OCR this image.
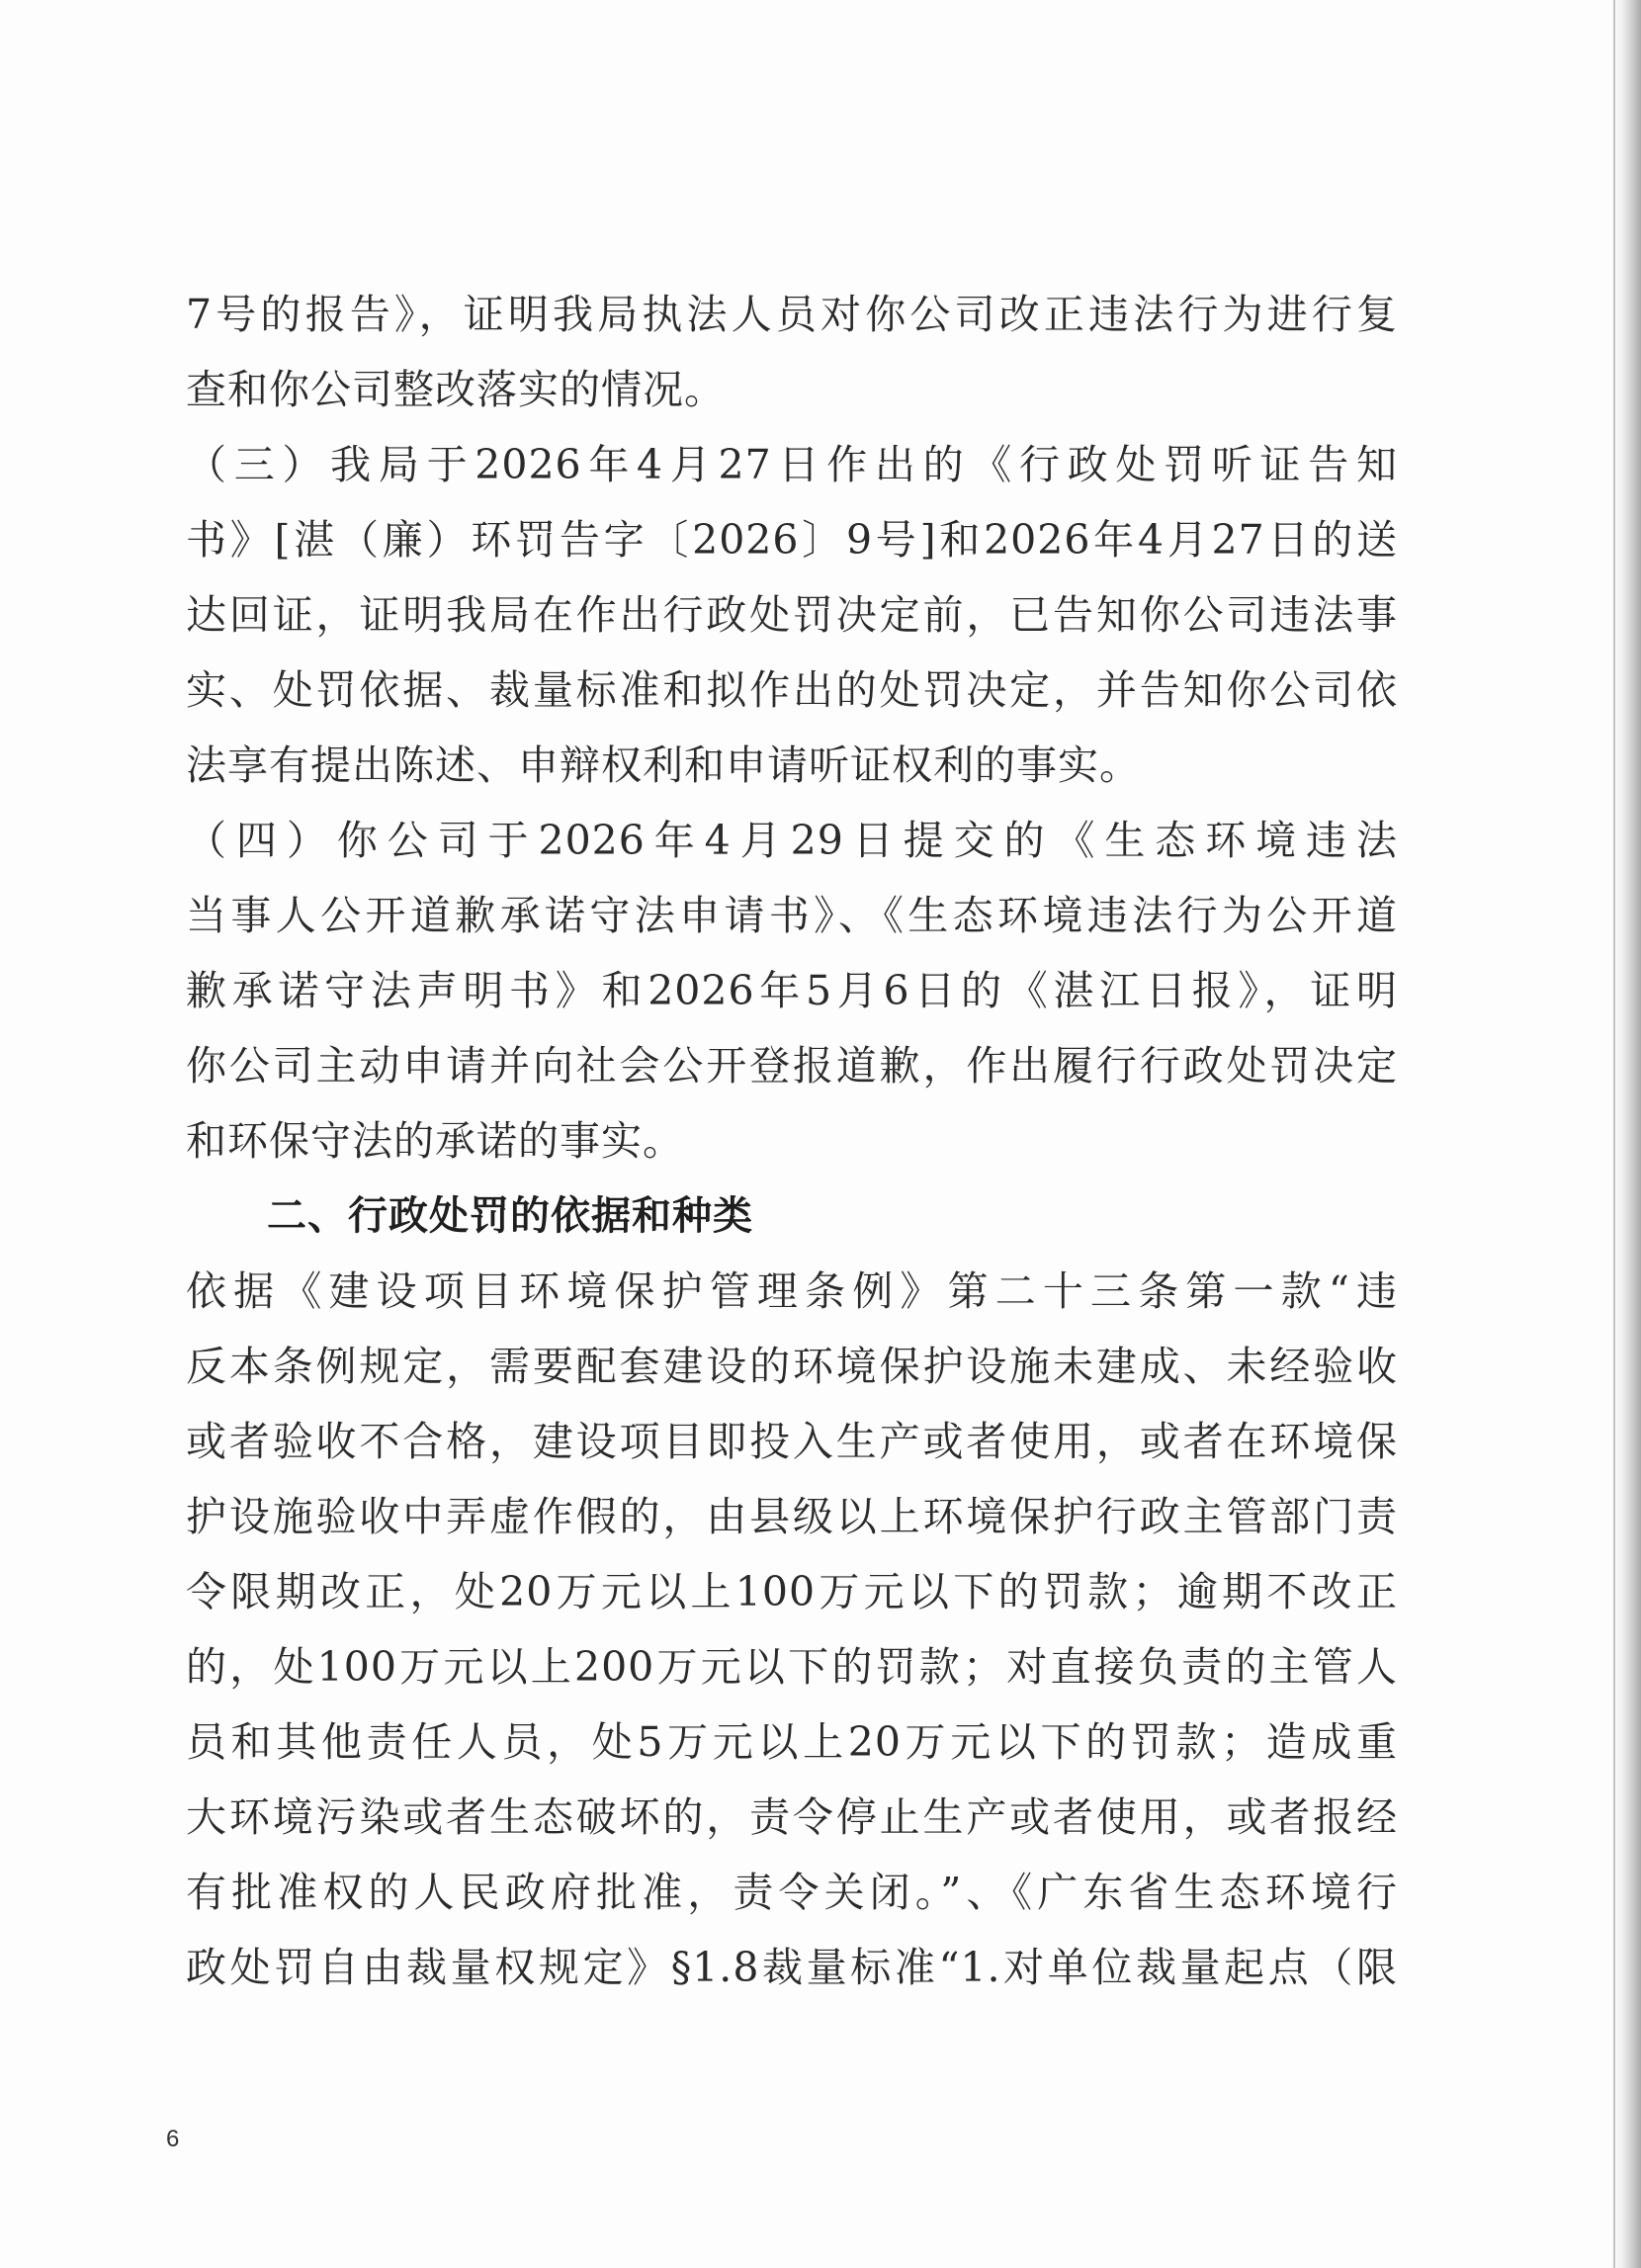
7号的报告》，证明我局执法人员对你公司改正违法行为进行复
查和你公司整改落实的情况。
（三）我局于2026年4月27日作出的《行政处罚听证告知
书》[湛（廉）环罚告字〔2026〕9号]和2026年4月27日的送
达回证，证明我局在作出行政处罚决定前，已告知你公司违法事
实、处罚依据、裁量标准和拟作出的处罚决定，并告知你公司依
法享有提出陈述、申辩权利和申请听证权利的事实。
（四）你公司于2026年4月29日提交的《生态环境违法
当事人公开道歉承诺守法申请书》、《生态环境违法行为公开道
歉承诺守法声明书》和2026年5月6日的《湛江日报》，证明
你公司主动申请并向社会公开登报道歉，作出履行行政处罚决定
和环保守法的承诺的事实。
二、行政处罚的依据和种类
依据《建设项目环境保护管理条例》第二十三条第一款“违
反本条例规定，需要配套建设的环境保护设施未建成、未经验收
或者验收不合格，建设项目即投入生产或者使用，或者在环境保
护设施验收中弄虚作假的，由县级以上环境保护行政主管部门责
令限期改正，处20万元以上100万元以下的罚款；逾期不改正
的，处100万元以上200万元以下的罚款；对直接负责的主管人
员和其他责任人员，处5万元以上20万元以下的罚款；造成重
大环境污染或者生态破坏的，责令停止生产或者使用，或者报经
有批准权的人民政府批准，责令关闭。”、《广东省生态环境行
政处罚自由裁量权规定》§1.8裁量标准“1.对单位裁量起点（限
6
